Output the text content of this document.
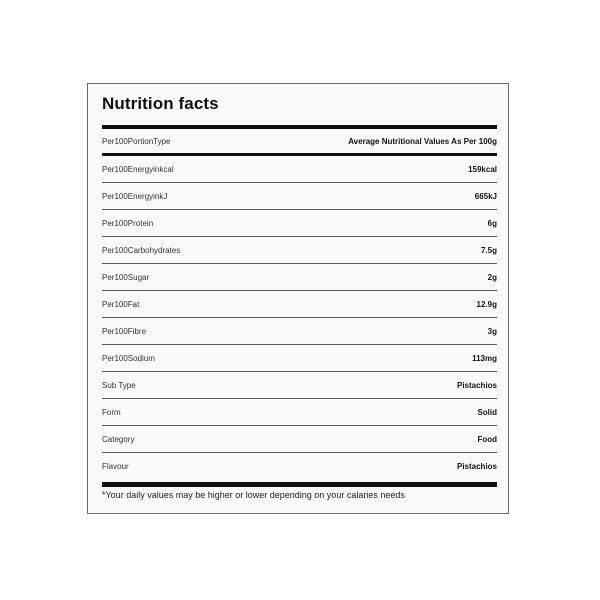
Nutrition facts
Per100PortionType	Average Nutritional Values As Per 100g
Per100Energyinkcal	159kcal
Per100EnergyinkJ	665kJ
Per100Protein	6g
Per100Carbohydrates	7.5g
Per100Sugar	2g
Per100Fat	12.9g
Per100Fibre	3g
Per100Sodium	113mg
Sub Type	Pistachios
Form	Solid
Category	Food
Flavour	Pistachios

*Your daily values may be higher or lower depending on your calaries needs
